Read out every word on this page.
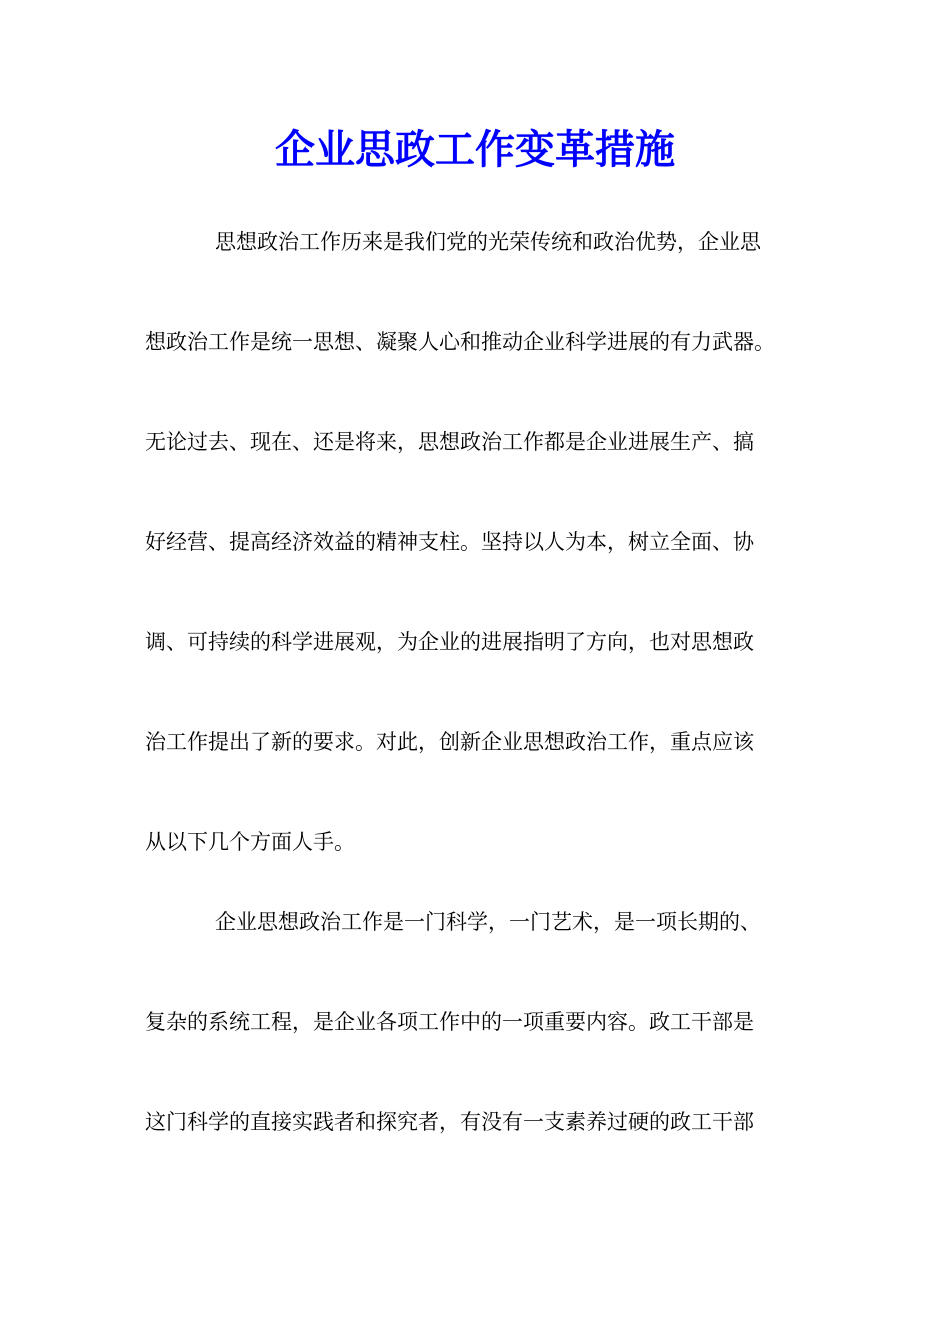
企业思政工作变革措施

思想政治工作历来是我们党的光荣传统和政治优势，企业思

想政治工作是统一思想、凝聚人心和推动企业科学进展的有力武器。

无论过去、现在、还是将来，思想政治工作都是企业进展生产、搞

好经营、提高经济效益的精神支柱。坚持以人为本，树立全面、协

调、可持续的科学进展观，为企业的进展指明了方向，也对思想政

治工作提出了新的要求。对此，创新企业思想政治工作，重点应该

从以下几个方面人手。

企业思想政治工作是一门科学，一门艺术，是一项长期的、

复杂的系统工程，是企业各项工作中的一项重要内容。政工干部是

这门科学的直接实践者和探究者，有没有一支素养过硬的政工干部
